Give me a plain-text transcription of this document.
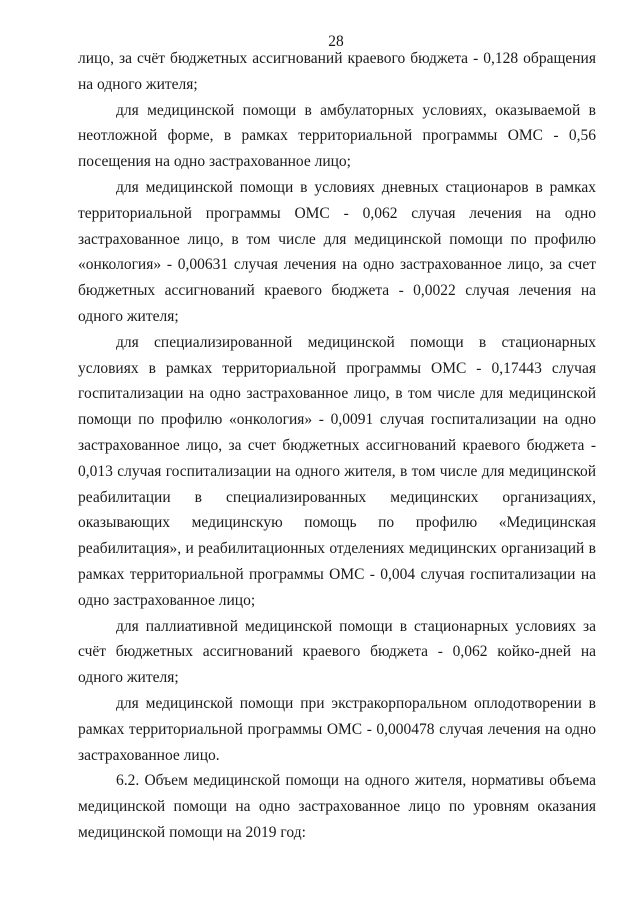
28

лицо, за счёт бюджетных ассигнований краевого бюджета - 0,128 обращения на одного жителя;

для медицинской помощи в амбулаторных условиях, оказываемой в неотложной форме, в рамках территориальной программы ОМС - 0,56 посещения на одно застрахованное лицо;

для медицинской помощи в условиях дневных стационаров в рамках территориальной программы ОМС - 0,062 случая лечения на одно застрахованное лицо, в том числе для медицинской помощи по профилю «онкология» - 0,00631 случая лечения на одно застрахованное лицо, за счет бюджетных ассигнований краевого бюджета - 0,0022 случая лечения на одного жителя;

для специализированной медицинской помощи в стационарных условиях в рамках территориальной программы ОМС - 0,17443 случая госпитализации на одно застрахованное лицо, в том числе для медицинской помощи по профилю «онкология» - 0,0091 случая госпитализации на одно застрахованное лицо, за счет бюджетных ассигнований краевого бюджета - 0,013 случая госпитализации на одного жителя, в том числе для медицинской реабилитации в специализированных медицинских организациях, оказывающих медицинскую помощь по профилю «Медицинская реабилитация», и реабилитационных отделениях медицинских организаций в рамках территориальной программы ОМС - 0,004 случая госпитализации на одно застрахованное лицо;

для паллиативной медицинской помощи в стационарных условиях за счёт бюджетных ассигнований краевого бюджета - 0,062 койко-дней на одного жителя;

для медицинской помощи при экстракорпоральном оплодотворении в рамках территориальной программы ОМС - 0,000478 случая лечения на одно застрахованное лицо.

6.2. Объем медицинской помощи на одного жителя, нормативы объема медицинской помощи на одно застрахованное лицо по уровням оказания медицинской помощи на 2019 год:
